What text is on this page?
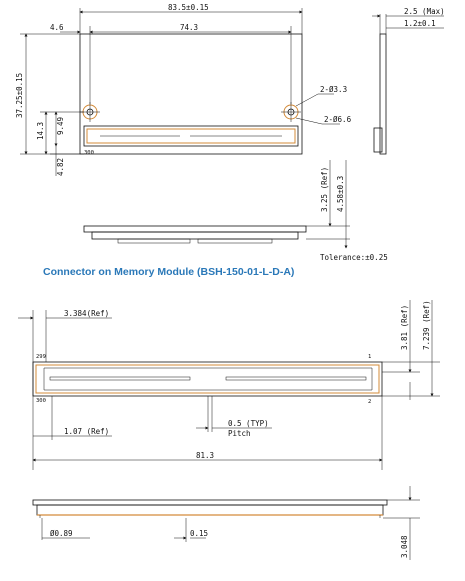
83.5±0.15
74.3
4.6
37.25±0.15
14.3 9.49
4.82
300
2-Ø3.3
2-Ø6.6
2.5 (Max)
1.2±0.1
3.25 (Ref) 4.58±0.3
Tolerance:±0.25
Connector on Memory Module (BSH-150-01-L-D-A)
3.384(Ref)	3.81 (Ref) 7.239 (Ref)
299	1
300	2
1.07 (Ref)
0.5 (TYP)
Pitch
81.3
3.048
Ø0.89	0.15
